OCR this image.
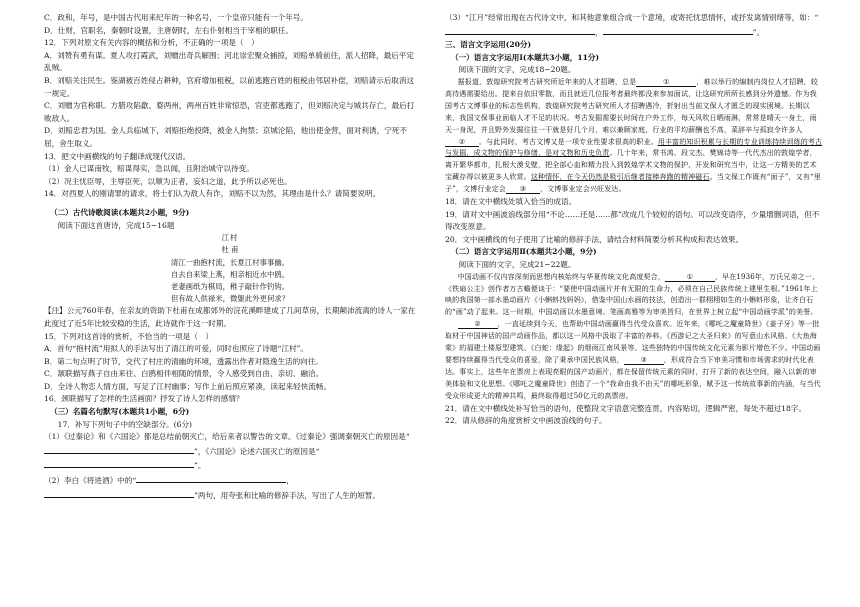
C．政和，年号，是中国古代用来纪年的一种名号，一个皇帝只能有一个年号。

D．仕财，官职名，秦朝时设置，主唐朝时，左右仆射相当于宰相的职任。

12．下列对原文有关内容的概括和分析，不正确的一项是（　）

A．刘赞有勇有谋。夏人攻打霞武，刘赠出奇兵解围；河北崇宏聚众捕掠，刘赔单骑前往，派人招降，最后平定乱贼。

B．刘赔关注民生。鉴湖被百姓侵占耕种，官府增加租税，以前逃跑百姓的租税由邻居补偿，刘赔请示后取消这一规定。

C．刘赠为官称职。方腊攻陷歙、婺两州，两州百姓非常惊恐，官吏都逃跑了，但刘赔决定与城共存亡，最后打败敌人。

D．刘赔忠君为国。金人兵临城下，刘赔拒绝投降，被金人拘禁；京城沦陷，他出使金营，面对利诱，宁死不屈，舍生取义。

13．把文中画横线的句子翻译成现代汉语。

（1）金人已谋南牧，赔谋得实，急以闻，且附治城守以待变。

（2）况主忧臣辱，主辱臣死，以顺为正者，妄妇之道，此予所以必死也。

14．对西夏人的刚请罪的请求，将士们认为敌人有诈，刘赔不以为然，其理由是什么？请简要说明。

（二）古代诗歌阅读(本题共2小题，9分)

阅读下面这首唐诗，完成15~16题

江村

杜 甫

清江一曲抱村流，长夏江村事事幽。

自去自来梁上燕，相亲相近水中鸥。

老妻画纸为棋局，稚子敲针作钓钩。

但有故人供禄米，微躯此外更何求？

【注】公元760年春，在亲友的资助下杜甫在成都郊外的浣花溪畔建成了几间草房，长期颠沛流离的诗人一家在此度过了近5年比较安稳的生活，此诗就作于这一时期。

15．下列对这首诗的赏析，不恰当的一项是（　）

A．首句“抱村流”用拟人的手法写出了清江的可爱，同时也照应了诗题“江村”。

B．第二句点明了时节，交代了村庄的清幽的环境，透露出作者对隐逸生活的向往。

C．颔联描写燕子自由来往、白鸥相伴相随的情景，令人感受到自由、亲切、融洽。

D．全诗人物恋人情方面，写足了江村幽事；写作上前后照应紧凑，读起来轻快流畅。

16．颈联描写了怎样的生活画面？抒发了诗人怎样的感情？

（三）名篇名句默写(本题共1小题，6分)

17．补写下列句子中的空缺部分。(6分)

（1）《过秦论》和《六国论》都是总结前朝灭亡，给后来者以警告的文章。《过秦论》强调秦朝灭亡的原因是“”，《六国论》论述六国灭亡的原因是“”。

（2）李白《将进酒》中的“	，”两句，用夸张和比喻的修辞手法，写出了人生的短暂。

（3）“江月”经常出现在古代诗文中，和其他意象组合成一个意境，或寄托忧思情怀，或抒发离情别绪等，如：“，	”。

三、语言文字运用(20分)

（一）语言文字运用Ⅰ(本题共3小题，11分)

阅读下面的文字，完成18~20题。

据报道，敦煌研究院考古研究所近年来的人才招聘，总是	①	，难以举行的编制内岗位人才招聘，较高待遇需要给出。提来自依旧零散，而且就近几位报考者最终都没来参加面试，让这研究所所长感到分外遗憾。作为我国考古文博事业的标志性机构，敦煌研究院考古研究所人才招聘遇冷，折射出当前文保人才匮乏的现实困境。长期以来，我国文保事业面临人才不足的状况。考古发掘需要长时间在户外工作，每天风吹日晒雨淋，常常是晴天一身土，雨天一身泥，并且野外发掘往往一干就是好几个月，难以兼顾家庭，行业的平均薪酬也不高，菜辞辛与孤寂令许多人② 。与此同时，考古文博又是一项专业性要求很高的职业。用丰富的知识积累与长期的专业训练持续训练的考古与发掘，成文物的保护与修缮，是对文物和历史负责。几十年来，常书鸿、段文杰、樊锦诗等一代代杰出的敦煌学者，离开繁华都市，扎根大漠戈壁，把全部心血和精力投入到敦煌学术文物的保护、开发和研究当中，让这一方精美的艺术宝藏存得以被更多人欣赏。这种情怀，在今天仍然是吸引后继者接棒奔跑的精神磁石。当文保工作既有“面子”，又有“里子”，文博行业定会 ③ ，文博事业定会兴旺发达。

18．请在文中横线处填入恰当的成语。

19．请对文中画波浪线部分用“不论……还是……都”改成几个较短的语句。可以改变语序，少量增删词语，但不得改变原意。

20．文中画横线的句子使用了比喻的修辞手法，请结合材料简要分析其构成和表达效果。

（二）语言文字运用Ⅱ(本题共2小题，9分)

阅读下面的文字，完成21~22题。

中国动画不仅内容深刻而思想内核始终与华夏传统文化高度契合，	①	，早在1936年，万氏兄弟之一、《铁扇公主》创作者万古蟾便谈于：“要使中国动画片并有无限的生命力，必须在自己民族传统上建里生根。”1961年上映的我国第一部水墨动画片《小蝌蚪找妈妈》，借鉴中国山水画的技法，创造出一群栩栩如生的小蝌蚪形象，让齐白石的“画”动了起来。这一时期，中国动画以水墨意境、笔画高雅等为审美旨归，在世界上树立起“中国动画学派”的美誉。

② ，一直延续到今天，也帮助中国动画赢得当代受众喜欢。近年来，《哪吒之魔童降世》《姜子牙》等一批取材于中国神话的国产动画作品，都以这一风格中汲取了丰富的养料。《西游记之大圣归来》的写意山水风格、《大鱼海棠》的福建土楼原型建筑、《白蛇：缘起》的烟雨江南风景等。这些独特的中国传统文化元素为影片增色不少。中国动画要想持续赢得当代受众的喜爱，除了秉承中国民族风格， ③ ，形成符合当下审美习惯和市场需求的时代化表达。事实上，这些年在票房上表现亮眼的国产动画片，都在保留传统元素的同时，打开了新的表达空间，融入以新的审美体验和文化思想。《哪吒之魔童降世》创造了一个“我命由我不由天”的哪吒形象，赋予这一传统故事新的内涵，与当代受众形成更大的精神共鸣，最终取得超过50亿元的高票房。

21．请在文中横线处补写恰当的语句，使整段文字语意完整连贯，内容贴切，逻辑严密，每处不超过18字。

22．请从修辞的角度赏析文中画波浪线的句子。
